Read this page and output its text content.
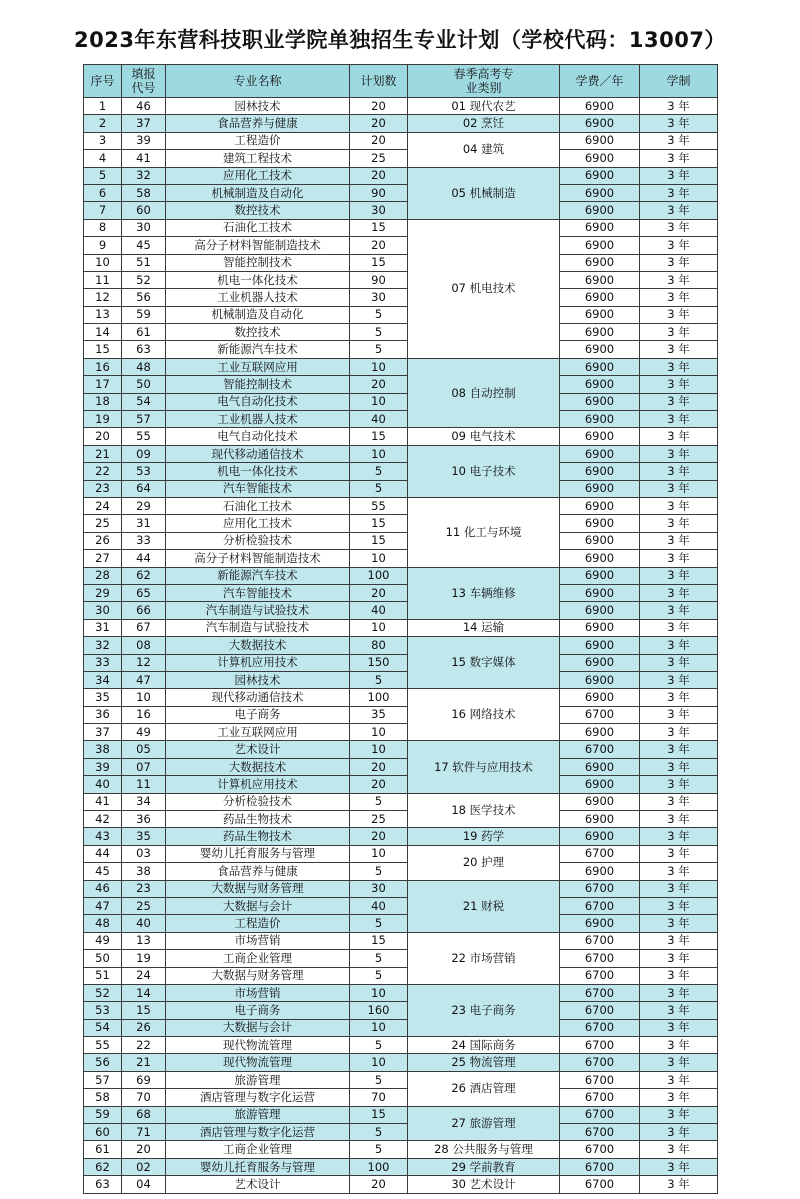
2023年东营科技职业学院单独招生专业计划（学校代码：13007）
序号	填报代号	专业名称	计划数	春季高考专业类别	学费／年	学制
1	46	园林技术	20	01 现代农艺	6900	3 年
2	37	食品营养与健康	20	02 烹饪	6900	3 年
3	39	工程造价	20	04 建筑	6900	3 年
4	41	建筑工程技术	25		6900	3 年
5	32	应用化工技术	20	05 机械制造	6900	3 年
6	58	机械制造及自动化	90		6900	3 年
7	60	数控技术	30		6900	3 年
8	30	石油化工技术	15	07 机电技术	6900	3 年
9	45	高分子材料智能制造技术	20		6900	3 年
10	51	智能控制技术	15		6900	3 年
11	52	机电一体化技术	90		6900	3 年
12	56	工业机器人技术	30		6900	3 年
13	59	机械制造及自动化	5		6900	3 年
14	61	数控技术	5		6900	3 年
15	63	新能源汽车技术	5		6900	3 年
16	48	工业互联网应用	10	08 自动控制	6900	3 年
17	50	智能控制技术	20		6900	3 年
18	54	电气自动化技术	10		6900	3 年
19	57	工业机器人技术	40		6900	3 年
20	55	电气自动化技术	15	09 电气技术	6900	3 年
21	09	现代移动通信技术	10	10 电子技术	6900	3 年
22	53	机电一体化技术	5		6900	3 年
23	64	汽车智能技术	5		6900	3 年
24	29	石油化工技术	55	11 化工与环境	6900	3 年
25	31	应用化工技术	15		6900	3 年
26	33	分析检验技术	15		6900	3 年
27	44	高分子材料智能制造技术	10		6900	3 年
28	62	新能源汽车技术	100	13 车辆维修	6900	3 年
29	65	汽车智能技术	20		6900	3 年
30	66	汽车制造与试验技术	40		6900	3 年
31	67	汽车制造与试验技术	10	14 运输	6900	3 年
32	08	大数据技术	80	15 数字媒体	6900	3 年
33	12	计算机应用技术	150		6900	3 年
34	47	园林技术	5		6900	3 年
35	10	现代移动通信技术	100	16 网络技术	6900	3 年
36	16	电子商务	35		6700	3 年
37	49	工业互联网应用	10		6900	3 年
38	05	艺术设计	10	17 软件与应用技术	6700	3 年
39	07	大数据技术	20		6900	3 年
40	11	计算机应用技术	20		6900	3 年
41	34	分析检验技术	5	18 医学技术	6900	3 年
42	36	药品生物技术	25		6900	3 年
43	35	药品生物技术	20	19 药学	6900	3 年
44	03	婴幼儿托育服务与管理	10	20 护理	6700	3 年
45	38	食品营养与健康	5		6900	3 年
46	23	大数据与财务管理	30	21 财税	6700	3 年
47	25	大数据与会计	40		6700	3 年
48	40	工程造价	5		6900	3 年
49	13	市场营销	15	22 市场营销	6700	3 年
50	19	工商企业管理	5		6700	3 年
51	24	大数据与财务管理	5		6700	3 年
52	14	市场营销	10	23 电子商务	6700	3 年
53	15	电子商务	160		6700	3 年
54	26	大数据与会计	10		6700	3 年
55	22	现代物流管理	5	24 国际商务	6700	3 年
56	21	现代物流管理	10	25 物流管理	6700	3 年
57	69	旅游管理	5	26 酒店管理	6700	3 年
58	70	酒店管理与数字化运营	70		6700	3 年
59	68	旅游管理	15	27 旅游管理	6700	3 年
60	71	酒店管理与数字化运营	5		6700	3 年
61	20	工商企业管理	5	28 公共服务与管理	6700	3 年
62	02	婴幼儿托育服务与管理	100	29 学前教育	6700	3 年
63	04	艺术设计	20	30 艺术设计	6700	3 年
